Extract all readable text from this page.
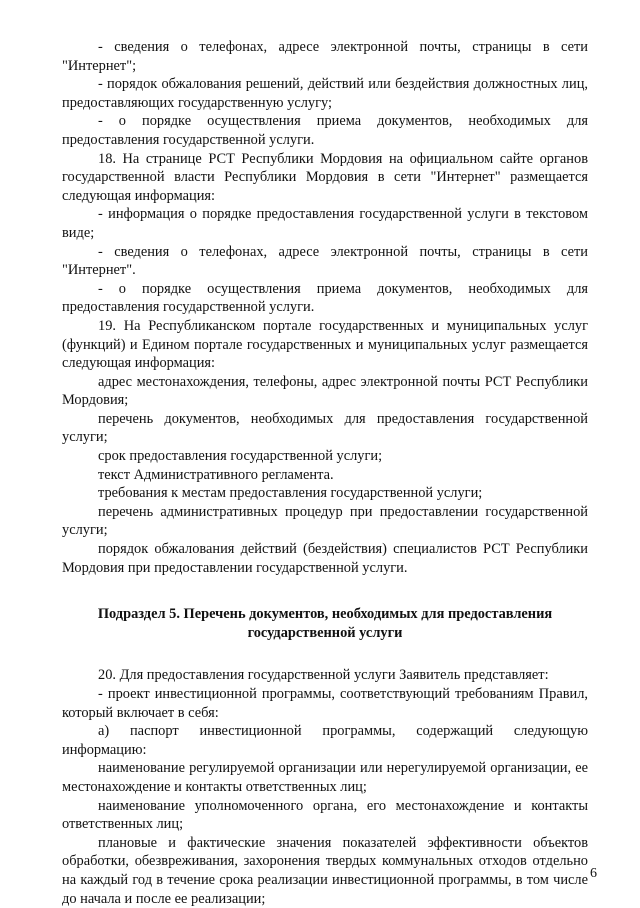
- сведения о телефонах, адресе электронной почты, страницы в сети "Интернет";

- порядок обжалования решений, действий или бездействия должностных лиц, предоставляющих государственную услугу;

- о порядке осуществления приема документов, необходимых для предоставления государственной услуги.

18. На странице РСТ Республики Мордовия на официальном сайте органов государственной власти Республики Мордовия в сети "Интернет" размещается следующая информация:

- информация о порядке предоставления государственной услуги в текстовом виде;

- сведения о телефонах, адресе электронной почты, страницы в сети "Интернет".

- о порядке осуществления приема документов, необходимых для предоставления государственной услуги.

19. На Республиканском портале государственных и муниципальных услуг (функций) и Едином портале государственных и муниципальных услуг размещается следующая информация:

адрес местонахождения, телефоны, адрес электронной почты РСТ Республики Мордовия;

перечень документов, необходимых для предоставления государственной услуги;

срок предоставления государственной услуги;

текст Административного регламента.

требования к местам предоставления государственной услуги;

перечень административных процедур при предоставлении государственной услуги;

порядок обжалования действий (бездействия) специалистов РСТ Республики Мордовия при предоставлении государственной услуги.

Подраздел 5. Перечень документов, необходимых для предоставления государственной услуги

20. Для предоставления государственной услуги Заявитель представляет:

- проект инвестиционной программы, соответствующий требованиям Правил, который включает в себя:

а) паспорт инвестиционной программы, содержащий следующую информацию:

наименование регулируемой организации или нерегулируемой организации, ее местонахождение и контакты ответственных лиц;

наименование уполномоченного органа, его местонахождение и контакты ответственных лиц;

плановые и фактические значения показателей эффективности объектов обработки, обезвреживания, захоронения твердых коммунальных отходов отдельно на каждый год в течение срока реализации инвестиционной программы, в том числе до начала и после ее реализации;

6
